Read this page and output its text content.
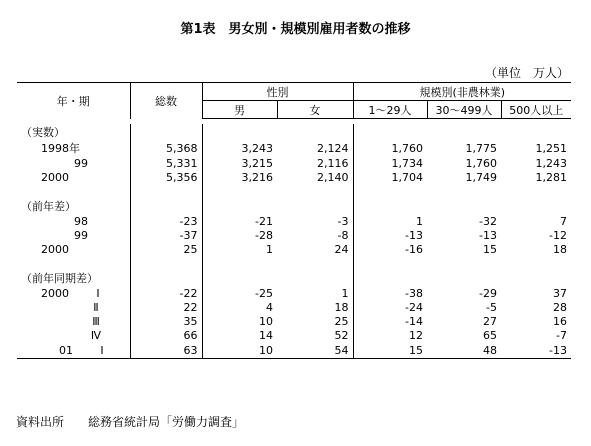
第1表　男女別・規模別雇用者数の推移
（単位　万人）
年・期	総数	性別		規模別(非農林業)		
		男	女	1～29人	30～499人	500人以上

（実数）						
1998年	5,368	3,243	2,124	1,760	1,775	1,251
99	5,331	3,215	2,116	1,734	1,760	1,243
2000	5,356	3,216	2,140	1,704	1,749	1,281

（前年差）						
98	-23	-21	-3	1	-32	7
99	-37	-28	-8	-13	-13	-12
2000	25	1	24	-16	15	18

（前年同期差）						
2000 Ⅰ	-22	-25	1	-38	-29	37
Ⅱ	22	4	18	-24	-5	28
Ⅲ	35	10	25	-14	27	16
Ⅳ	66	14	52	12	65	-7
01 Ⅰ	63	10	54	15	48	-13
資料出所　　総務省統計局「労働力調査」
